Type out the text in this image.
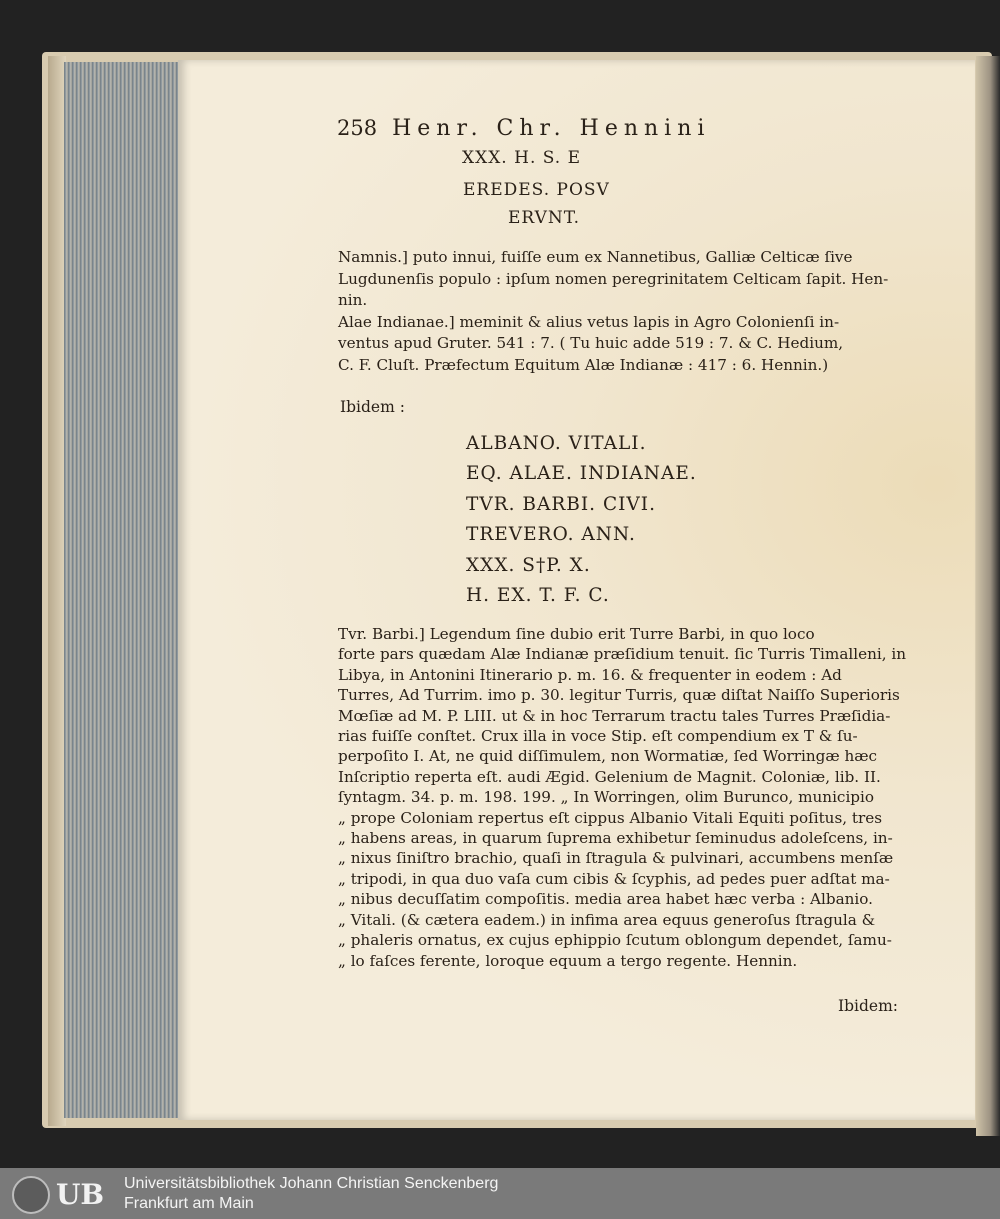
258 Henr. Chr. Hennini
XXX. H. S. E
EREDES. POSV
ERVNT.
Namnis.] puto innui, fuiſſe eum ex Nannetibus, Galliæ Celticæ ſive
Lugdunenſis populo : ipſum nomen peregrinitatem Celticam ſapit. Hen-
nin.
Alae Indianae.] meminit & alius vetus lapis in Agro Colonienſi in-
ventus apud Gruter. 541 : 7. ( Tu huic adde 519 : 7. & C. Hedium,
C. F. Cluſt. Præfectum Equitum Alæ Indianæ : 417 : 6. Hennin.)
Ibidem :
ALBANO. VITALI.
EQ. ALAE. INDIANAE.
TVR. BARBI. CIVI.
TREVERO. ANN.
XXX. S†P. X.
H. EX. T. F. C.
Tvr. Barbi.] Legendum ſine dubio erit Turre Barbi, in quo loco
forte pars quædam Alæ Indianæ præſidium tenuit. ſic Turris Timalleni, in
Libya, in Antonini Itinerario p. m. 16. & frequenter in eodem : Ad
Turres, Ad Turrim. imo p. 30. legitur Turris, quæ diſtat Naiſſo Superioris
Mœſiæ ad M. P. LIII. ut & in hoc Terrarum tractu tales Turres Præſidia-
rias fuiſſe conſtet. Crux illa in voce Stip. eſt compendium ex T & ſu-
perpoſito I. At, ne quid diſſimulem, non Wormatiæ, ſed Worringæ hæc
Inſcriptio reperta eſt. audi Ægid. Gelenium de Magnit. Coloniæ, lib. II.
ſyntagm. 34. p. m. 198. 199. „ In Worringen, olim Burunco, municipio
„ prope Coloniam repertus eſt cippus Albanio Vitali Equiti poſitus, tres
„ habens areas, in quarum ſuprema exhibetur ſeminudus adoleſcens, in-
„ nixus ſiniſtro brachio, quaſi in ſtragula & pulvinari, accumbens menſæ
„ tripodi, in qua duo vaſa cum cibis & ſcyphis, ad pedes puer adſtat ma-
„ nibus decuſſatim compoſitis. media area habet hæc verba : Albanio.
„ Vitali. (& cætera eadem.) in infima area equus generoſus ſtragula &
„ phaleris ornatus, ex cujus ephippio ſcutum oblongum dependet, ſamu-
„ lo faſces ferente, loroque equum a tergo regente. Hennin.
Ibidem:
UB Universitätsbibliothek Johann Christian Senckenberg
Frankfurt am Main
